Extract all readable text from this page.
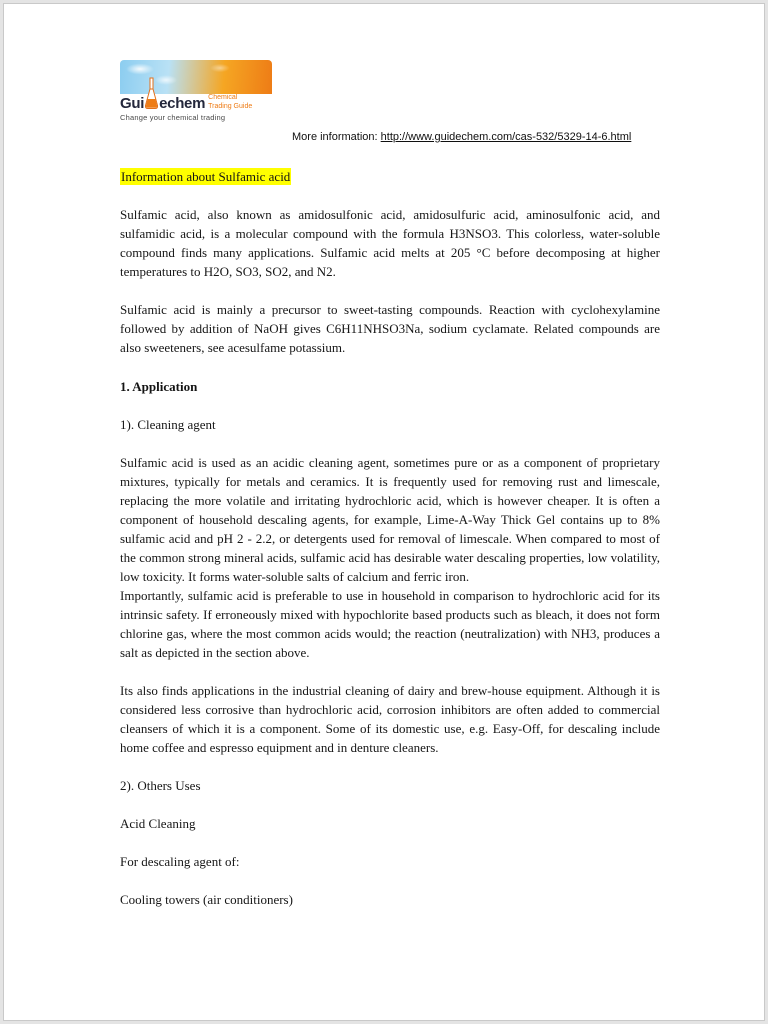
Gui echem Chemical Trading Guide
Change your chemical trading
More information: http://www.guidechem.com/cas-532/5329-14-6.html
Information about Sulfamic acid

Sulfamic acid, also known as amidosulfonic acid, amidosulfuric acid, aminosulfonic acid, and sulfamidic acid, is a molecular compound with the formula H3NSO3. This colorless, water-soluble compound finds many applications. Sulfamic acid melts at 205 °C before decomposing at higher temperatures to H2O, SO3, SO2, and N2.

Sulfamic acid is mainly a precursor to sweet-tasting compounds. Reaction with cyclohexylamine followed by addition of NaOH gives C6H11NHSO3Na, sodium cyclamate. Related compounds are also sweeteners, see acesulfame potassium.

1. Application

1). Cleaning agent

Sulfamic acid is used as an acidic cleaning agent, sometimes pure or as a component of proprietary mixtures, typically for metals and ceramics. It is frequently used for removing rust and limescale, replacing the more volatile and irritating hydrochloric acid, which is however cheaper. It is often a component of household descaling agents, for example, Lime-A-Way Thick Gel contains up to 8% sulfamic acid and pH 2 - 2.2, or detergents used for removal of limescale. When compared to most of the common strong mineral acids, sulfamic acid has desirable water descaling properties, low volatility, low toxicity. It forms water-soluble salts of calcium and ferric iron.

Importantly, sulfamic acid is preferable to use in household in comparison to hydrochloric acid for its intrinsic safety. If erroneously mixed with hypochlorite based products such as bleach, it does not form chlorine gas, where the most common acids would; the reaction (neutralization) with NH3, produces a salt as depicted in the section above.

Its also finds applications in the industrial cleaning of dairy and brew-house equipment. Although it is considered less corrosive than hydrochloric acid, corrosion inhibitors are often added to commercial cleansers of which it is a component. Some of its domestic use, e.g. Easy-Off, for descaling include home coffee and espresso equipment and in denture cleaners.

2). Others Uses

Acid Cleaning

For descaling agent of:

Cooling towers (air conditioners)
